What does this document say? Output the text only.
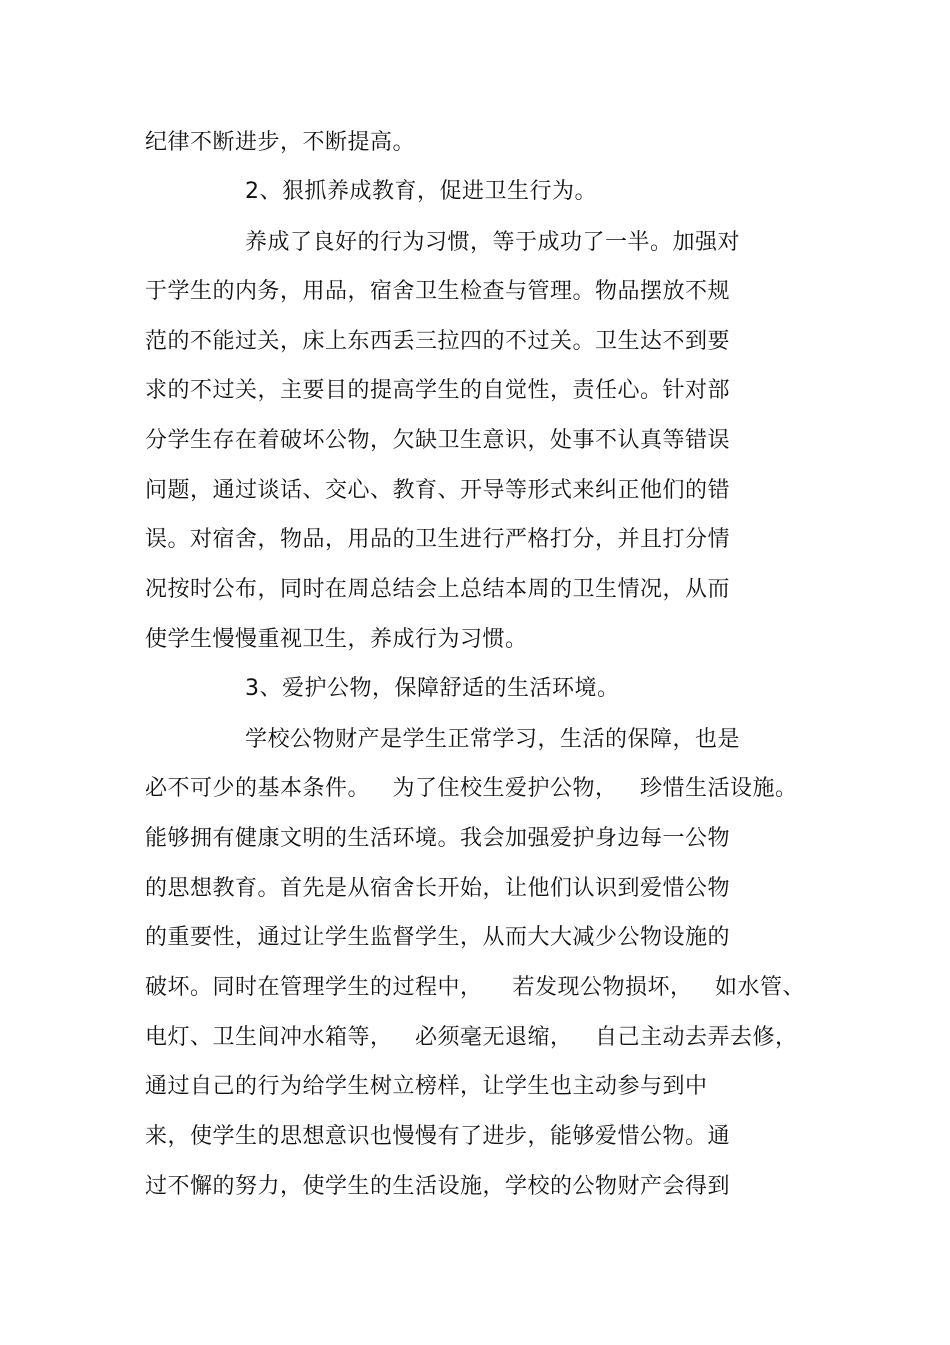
纪律不断进步，不断提高。
2、狠抓养成教育，促进卫生行为。
养成了良好的行为习惯，等于成功了一半。加强对
于学生的内务，用品，宿舍卫生检查与管理。物品摆放不规
范的不能过关，床上东西丢三拉四的不过关。卫生达不到要
求的不过关，主要目的提高学生的自觉性，责任心。针对部
分学生存在着破坏公物，欠缺卫生意识，处事不认真等错误
问题，通过谈话、交心、教育、开导等形式来纠正他们的错
误。对宿舍，物品，用品的卫生进行严格打分，并且打分情
况按时公布，同时在周总结会上总结本周的卫生情况，从而
使学生慢慢重视卫生，养成行为习惯。
3、爱护公物，保障舒适的生活环境。
学校公物财产是学生正常学习，生活的保障，也是
必不可少的基本条件。   为了住校生爱护公物，   珍惜生活设施。
能够拥有健康文明的生活环境。我会加强爱护身边每一公物
的思想教育。首先是从宿舍长开始，让他们认识到爱惜公物
的重要性，通过让学生监督学生，从而大大减少公物设施的
破坏。同时在管理学生的过程中，    若发现公物损坏，   如水管、
电灯、卫生间冲水箱等，   必须毫无退缩，   自己主动去弄去修，
通过自己的行为给学生树立榜样，让学生也主动参与到中
来，使学生的思想意识也慢慢有了进步，能够爱惜公物。通
过不懈的努力，使学生的生活设施，学校的公物财产会得到
